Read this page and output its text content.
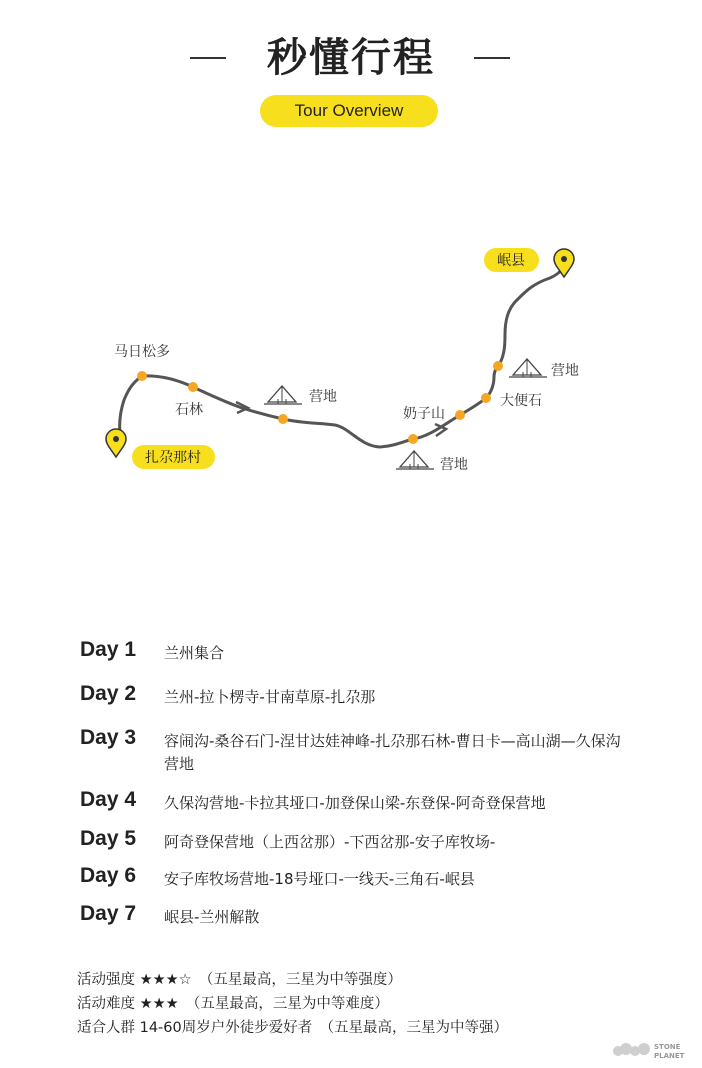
秒懂行程
Tour Overview
扎尕那村
岷县
马日松多
石林
营地
营地
营地
奶子山
大便石
Day 1 兰州集合
Day 2 兰州-拉卜楞寺-甘南草原-扎尕那
Day 3 容闹沟-桑谷石门-涅甘达娃神峰-扎尕那石林-曹日卡—高山湖—久保沟营地
Day 4 久保沟营地-卡拉其垭口-加登保山梁-东登保-阿奇登保营地
Day 5 阿奇登保营地（上西岔那）-下西岔那-安子库牧场-
Day 6 安子库牧场营地-18号垭口-一线天-三角石-岷县
Day 7 岷县-兰州解散
活动强度 ★★★☆　（五星最高，三星为中等强度）
活动难度 ★★★　（五星最高，三星为中等难度）
适合人群 14-60周岁户外徒步爱好者　（五星最高，三星为中等强）
STONE
PLANET
